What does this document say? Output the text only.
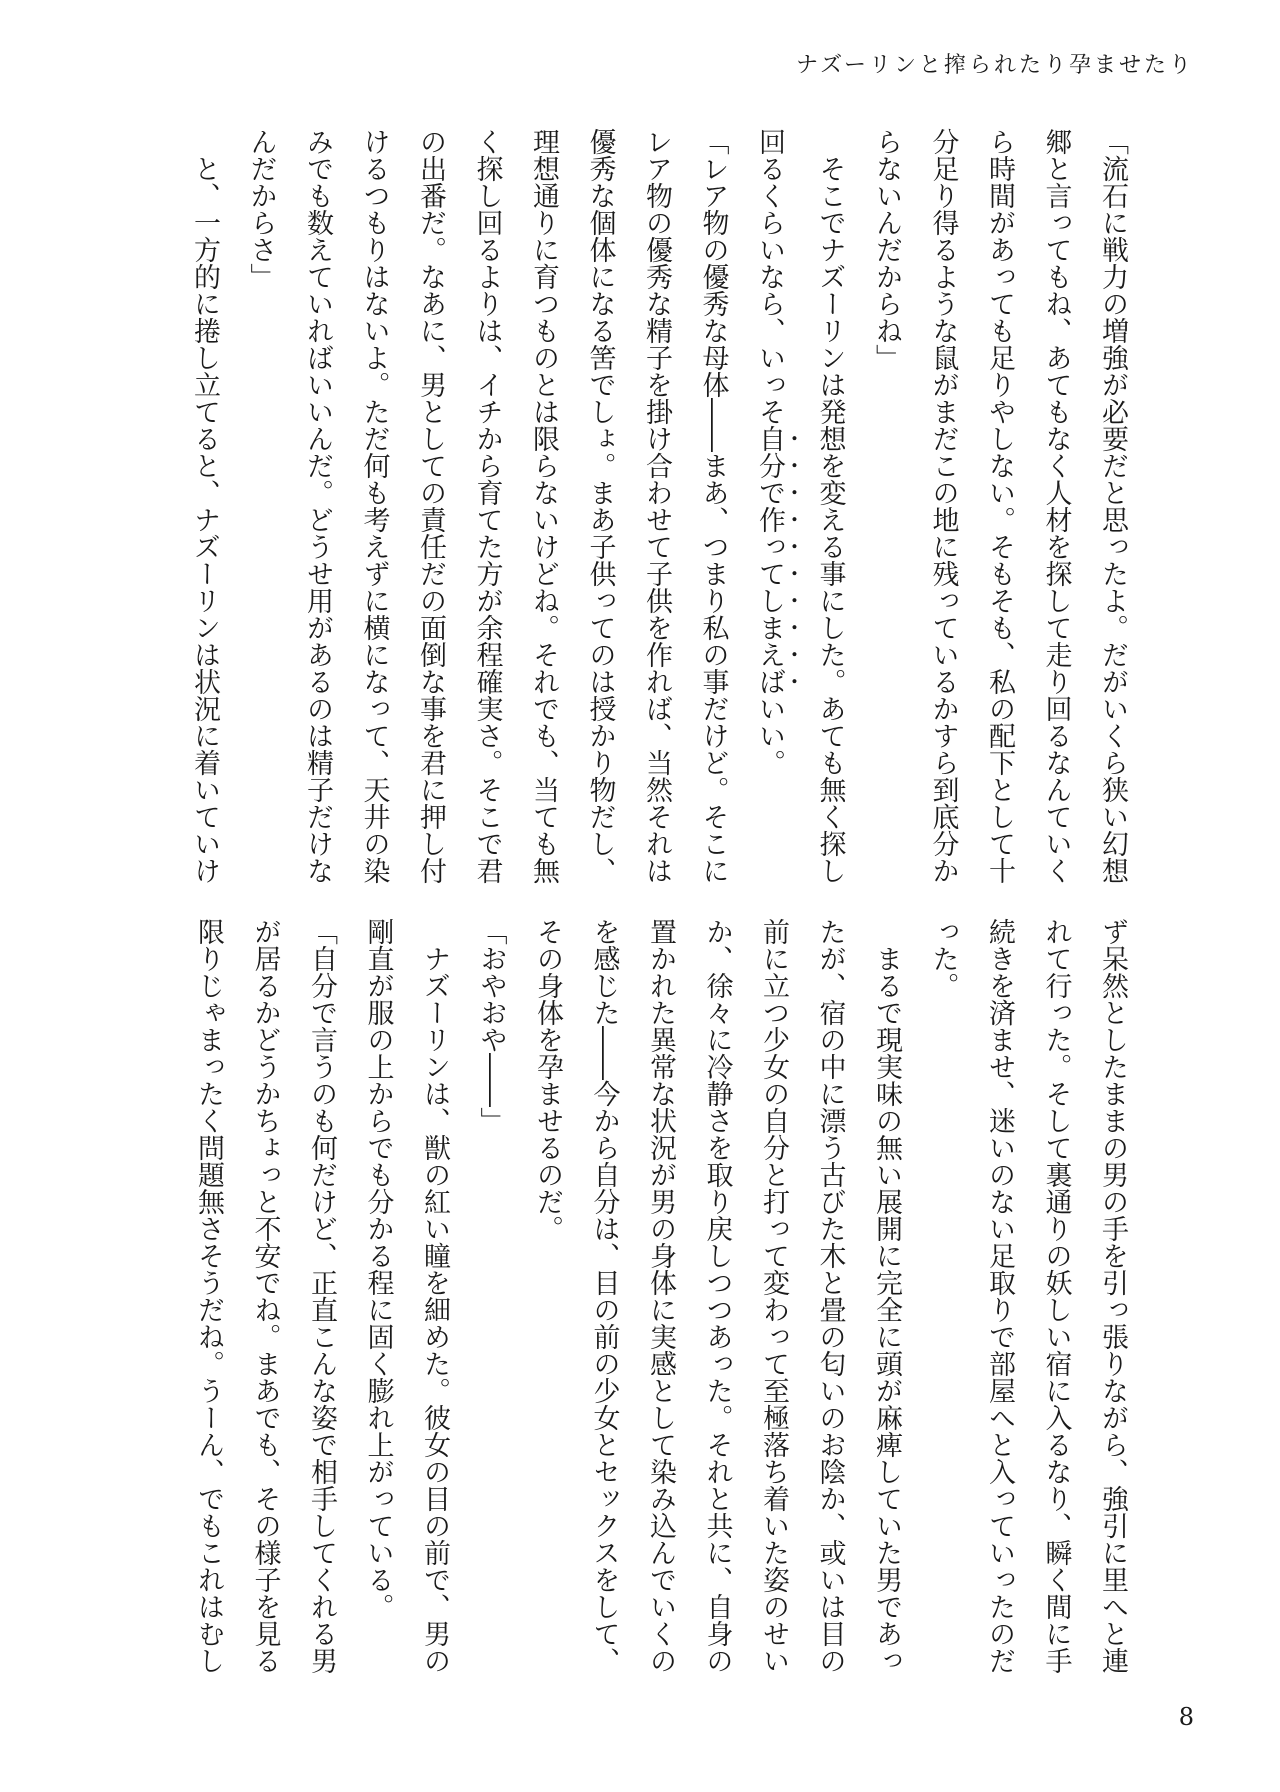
ナズーリンと搾られたり孕ませたり
「流石に戦力の増強が必要だと思ったよ。だがいくら狭い幻想
郷と言ってもね、あてもなく人材を探して走り回るなんていく
ら時間があっても足りやしない。そもそも、私の配下として十
分足り得るような鼠がまだこの地に残っているかすら到底分か
らないんだからね」
　そこでナズーリンは発想を変える事にした。あても無く探し
回るくらいなら、いっそ自分で作ってしまえばいい。
「レア物の優秀な母体――まあ、つまり私の事だけど。そこに
レア物の優秀な精子を掛け合わせて子供を作れば、当然それは
優秀な個体になる筈でしょ。まあ子供ってのは授かり物だし、
理想通りに育つものとは限らないけどね。それでも、当ても無
く探し回るよりは、イチから育てた方が余程確実さ。そこで君
の出番だ。なあに、男としての責任だの面倒な事を君に押し付
けるつもりはないよ。ただ何も考えずに横になって、天井の染
みでも数えていればいいんだ。どうせ用があるのは精子だけな
んだからさ」
　と、一方的に捲し立てると、ナズーリンは状況に着いていけ
ず呆然としたままの男の手を引っ張りながら、強引に里へと連
れて行った。そして裏通りの妖しい宿に入るなり、瞬く間に手
続きを済ませ、迷いのない足取りで部屋へと入っていったのだ
った。
　まるで現実味の無い展開に完全に頭が麻痺していた男であっ
たが、宿の中に漂う古びた木と畳の匂いのお陰か、或いは目の
前に立つ少女の自分と打って変わって至極落ち着いた姿のせい
か、徐々に冷静さを取り戻しつつあった。それと共に、自身の
置かれた異常な状況が男の身体に実感として染み込んでいくの
を感じた――今から自分は、目の前の少女とセックスをして、
その身体を孕ませるのだ。
「おやおや――」
　ナズーリンは、獣の紅い瞳を細めた。彼女の目の前で、男の
剛直が服の上からでも分かる程に固く膨れ上がっている。
「自分で言うのも何だけど、正直こんな姿で相手してくれる男
が居るかどうかちょっと不安でね。まあでも、その様子を見る
限りじゃまったく問題無さそうだね。うーん、でもこれはむし
8
